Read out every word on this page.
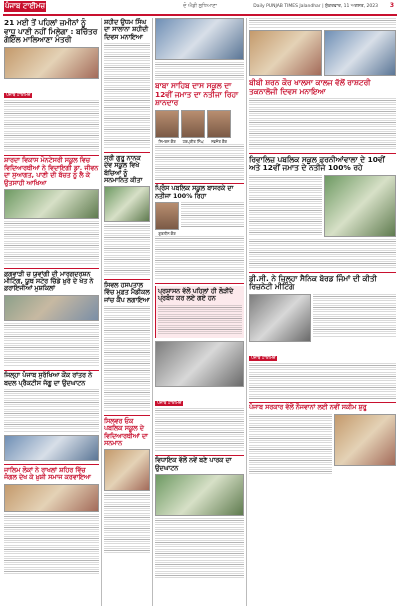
ਪੰਜਾਬ ਟਾਈਮਜ਼	ਦੋ ਐਡੀ ਲੁਧਿਆਣਾ	Daily PUNJAB TIMES Jalandhar | ਸ਼ੁੱਕਰਵਾਰ, 11 ਅਗਸਤ, 2023 3
21 ਮਈ ਤੋਂ ਪਹਿਲਾਂ ਜ਼ਮੀਨਾਂ ਨੂੰ ਵਾਧੂ ਪਾਣੀ ਨਹੀਂ ਮਿਲੇਗਾ : ਬਚਿੱਤਰ ਗੋਇੰਲ ਮਾਲਿਆਣਾ ਮੰਤਰੀ
ਪੰਜਾਬ ਟਾਈਮਜ਼
ਸ਼ਾਰਦਾ ਵਿਕਾਸ ਮੋਨਟੇਸਰੀ ਸਕੂਲ ਵਿਚ ਵਿਦਿਆਰਥੀਆਂ ਨੇ ਵਿਦਾਇਗੀ ਡਾ. ਜੀਵਨ ਦਾ ਸੁਆਗਤ, ਪਾਣੀ ਦੀ ਬੱਚਤ ਨੂੰ ਲੈ ਕੇ ਉਤਸਾਹੀ ਆਖਿਆ
ਫ਼ਗਵਾੜੀ ਚ ਯੁਵਾਂਗੀ ਦੀ ਮਾਰਗਦਰਸ਼ਨ ਮੀਟਿੰਗ, ਯੂਥ ਸਟੋਰ ਚਿੱਡੇ ਖ਼ੁਰੇ ਦੇ ਖੇਤ ਨੇ ਫ਼ਰਾਇਜੀਆਂ ਮੁਸ਼ਕਿਲਾਂ
ਜਿਲ੍ਹਾ ਪੰਜਾਬ ਸੁਰੱਖਿਆ ਕੋਂਕ ਰਾਂਤਰ ਨੇ ਬਦਲ ਪ੍ਰੈਕਟੀਸ ਜੱਗੂ ਦਾ ਉਦਘਾਟਨ
ਜਾਲਿਮ ਲੋਕਾਂ ਨੇ ਰਾਖਲਾਂ ਸ਼ਹਿਰ ਵਿੱਚ ਜੰਗਲ ਦੇਖ ਕੇ ਖ਼ੁਸ਼ੀ ਸਮਾਜ ਕਰਵਾਇਆ
ਸ਼ਹੀਦ ਉਧਮ ਸਿੰਘ ਦਾ ਸਾਲਾਨਾ ਸ਼ਹੀਦੀ ਦਿਵਸ ਮਨਾਇਆ
ਸ੍ਰੀ ਗੁਰੂ ਨਾਨਕ ਦੇਵ ਸਕੂਲ ਵਿਖੇ ਬੱਚਿਆਂ ਨੂੰ ਸਨਮਾਨਿਤ ਕੀਤਾ
ਸਿਵਲ ਹਸਪਤਾਲ ਵਿੱਚ ਮੁਫ਼ਤ ਮੈਡੀਕਲ ਜਾਂਚ ਕੈਂਪ ਲਗਾਇਆ
ਸਿਲਵਰ ਓਕ ਪਬਲਿਕ ਸਕੂਲ ਦੇ ਵਿਦਿਆਰਥੀਆਂ ਦਾ ਸਨਮਾਨ
ਬਾਬਾ ਸਾਹਿਬ ਦਾਸ ਸਕੂਲ ਦਾ 12ਵੀਂ ਜਮਾਤ ਦਾ ਨਤੀਜਾ ਰਿਹਾ ਸ਼ਾਨਦਾਰ
ਸਿਮਰਨ ਕੌਰ	ਹਰਪ੍ਰੀਤ ਸਿੰਘ	ਨਵਜੋਤ ਕੌਰ
ਪ੍ਰਿੰਸ ਪਬਲਿਕ ਸਕੂਲ ਬਾਸਰਕੇ ਦਾ ਨਤੀਜਾ 100% ਰਿਹਾ
ਗੁਰਲੀਨ ਕੌਰ
ਪ੍ਰਸ਼ਾਸਨ ਵੱਲੋਂ ਪਹਿਲਾਂ ਹੀ ਲੋੜੀਂਦੇ ਪ੍ਰਬੰਧ ਕਰ ਲਏ ਗਏ ਹਨ
ਪੰਜਾਬ ਟਾਈਮਜ਼
ਵਿਧਾਇਕ ਵੱਲੋਂ ਨਵੇਂ ਬਣੇ ਪਾਰਕ ਦਾ ਉਦਘਾਟਨ
ਬੀਬੀ ਸ਼ਰਨ ਕੌਰ ਖਾਲਸਾ ਕਾਲਜ ਵੱਲੋਂ ਰਾਸ਼ਟਰੀ ਤਕਨਾਲੋਜੀ ਦਿਵਸ ਮਨਾਇਆ
ਰਿਵਾਲਿਜ਼ ਪਬਲਿਕ ਸਕੂਲ ਫ਼ਰਨੀਆਂਵਾਲਾ ਦੇ 10ਵੀਂ ਅਤੇ 12ਵੀਂ ਜਮਾਤ ਦੇ ਨਤੀਜੇ 100% ਰਹੇ
ਡੀ.ਸੀ. ਨੇ ਜ਼ਿਲ੍ਹਾ ਸੈਨਿਕ ਬੋਰਡ ਜਿੰਮਾਂ ਦੀ ਕੀਤੀ ਰਿਜ਼ਨੇਟੀ ਮੀਟਿੰਗ
ਪੰਜਾਬ ਟਾਈਮਜ਼
ਪੰਜਾਬ ਸਰਕਾਰ ਵੱਲੋਂ ਨੌਜਵਾਨਾਂ ਲਈ ਨਵੀਂ ਸਕੀਮ ਸ਼ੁਰੂ
